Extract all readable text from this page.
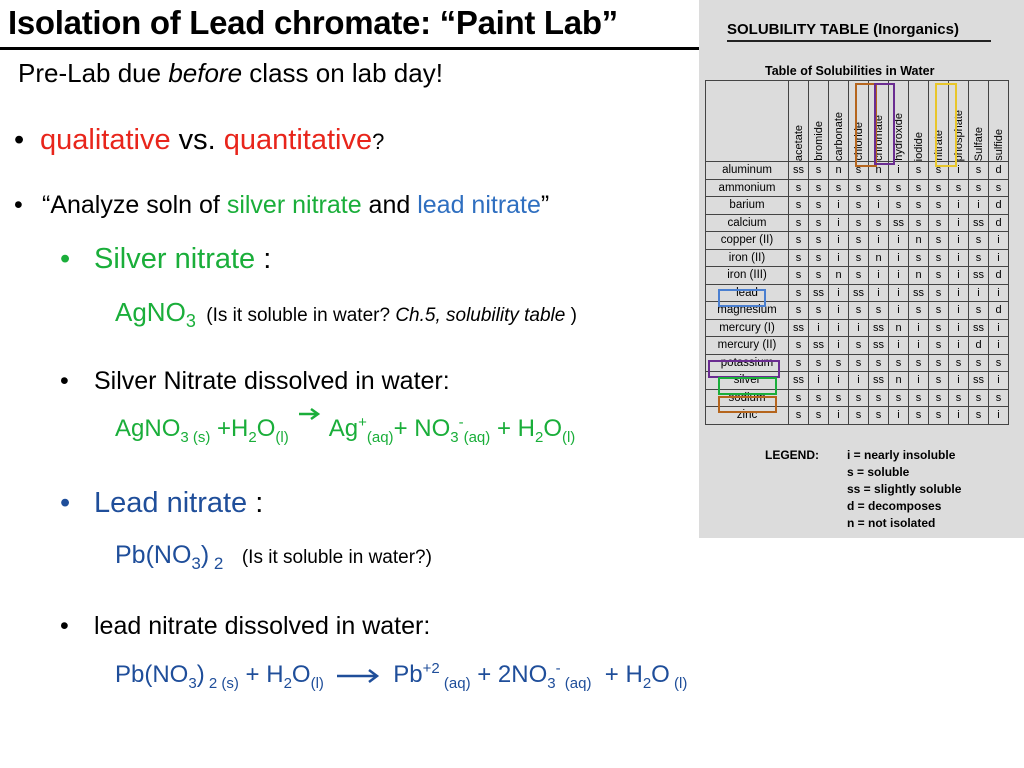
Isolation of Lead chromate: “Paint Lab”
Pre-Lab due before class on lab day!
• qualitative vs. quantitative?
• “Analyze soln of silver nitrate and lead nitrate”
• Silver nitrate :
AgNO$_3$ (Is it soluble in water? Ch.5, solubility table )
• Silver Nitrate dissolved in water:
AgNO$_3$ $_{(s)} +H_2O_{(l)} \to Ag^+_{(aq)}+ NO_3^-_{(aq)} + H_2O_{(l)}$
• Lead nitrate :
$Pb(NO_3)$ $_2$ (Is it soluble in water?)
• lead nitrate dissolved in water:
$Pb(NO_3) _{2 (s)} + H_2O_{(l)} \to Pb^{+2}$ $_{(aq)} + 2NO_3^-$ $_{(aq)} + H_2O$ $_{(l)}$
SOLUBILITY TABLE (Inorganics)
Table of Solubilities in Water

	acetate	bromide	carbonate	chloride	chromate	hydroxide	iodide	nitrate	phosphate	Sulfate	sulfide

aluminum	ss	s	n	s	n	i	s	s	i	s	d
ammonium	s	s	s	s	s	s	s	s	s	s	s
barium	s	s	i	s	i	s	s	s	i	i	d
calcium	s	s	i	s	s	ss	s	s	i	ss	d
copper (II)	s	s	i	s	i	i	n	s	i	s	i
iron (II)	s	s	i	s	n	i	s	s	i	s	i
iron (III)	s	s	n	s	i	i	n	s	i	ss	d
lead	s	ss	i	ss	i	i	ss	s	i	i	i
magnesium	s	s	i	s	s	i	s	s	i	s	d
mercury (I)	ss	i	i	i	ss	n	i	s	i	ss	i
mercury (II)	s	ss	i	s	ss	i	i	s	i	d	i
potassium	s	s	s	s	s	s	s	s	s	s	s
silver	ss	i	i	i	ss	n	i	s	i	ss	i
sodium	s	s	s	s	s	s	s	s	s	s	s
zinc	s	s	i	s	s	i	s	s	i	s	i
LEGEND: i = nearly insoluble
s = soluble
ss = slightly soluble
d = decomposes
n = not isolated
